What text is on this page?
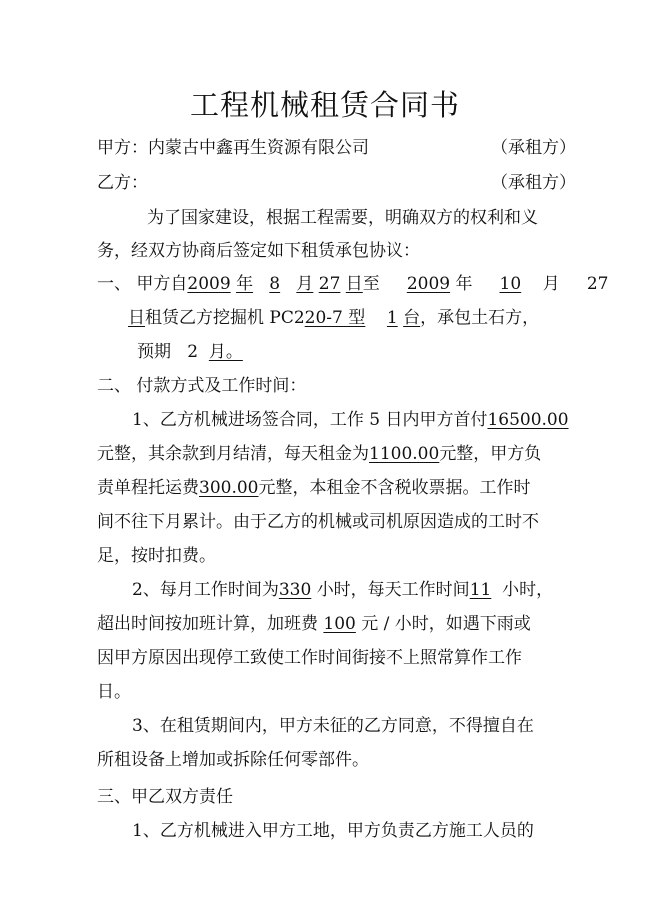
工程机械租赁合同书
甲方：内蒙古中鑫再生资源有限公司	（承租方）
乙方：	（承租方）
为了国家建设，根据工程需要，明确双方的权利和义
务，经双方协商后签定如下租赁承包协议：
一、 甲方自2009 年 8 月 27 日至 2009 年 10 月 27
日租赁乙方挖掘机 PC220-7 型 1 台，承包土石方，
预期 2 月。
二、 付款方式及工作时间：
1、乙方机械进场签合同，工作 5 日内甲方首付16500.00
元整，其余款到月结清，每天租金为1100.00元整，甲方负
责单程托运费300.00元整，本租金不含税收票据。工作时
间不往下月累计。由于乙方的机械或司机原因造成的工时不
足，按时扣费。
2、每月工作时间为330 小时，每天工作时间11 小时，
超出时间按加班计算，加班费 100 元 / 小时，如遇下雨或
因甲方原因出现停工致使工作时间街接不上照常算作工作
日。
3、在租赁期间内，甲方未征的乙方同意，不得擅自在
所租设备上增加或拆除任何零部件。
三、甲乙双方责任
1、乙方机械进入甲方工地，甲方负责乙方施工人员的
